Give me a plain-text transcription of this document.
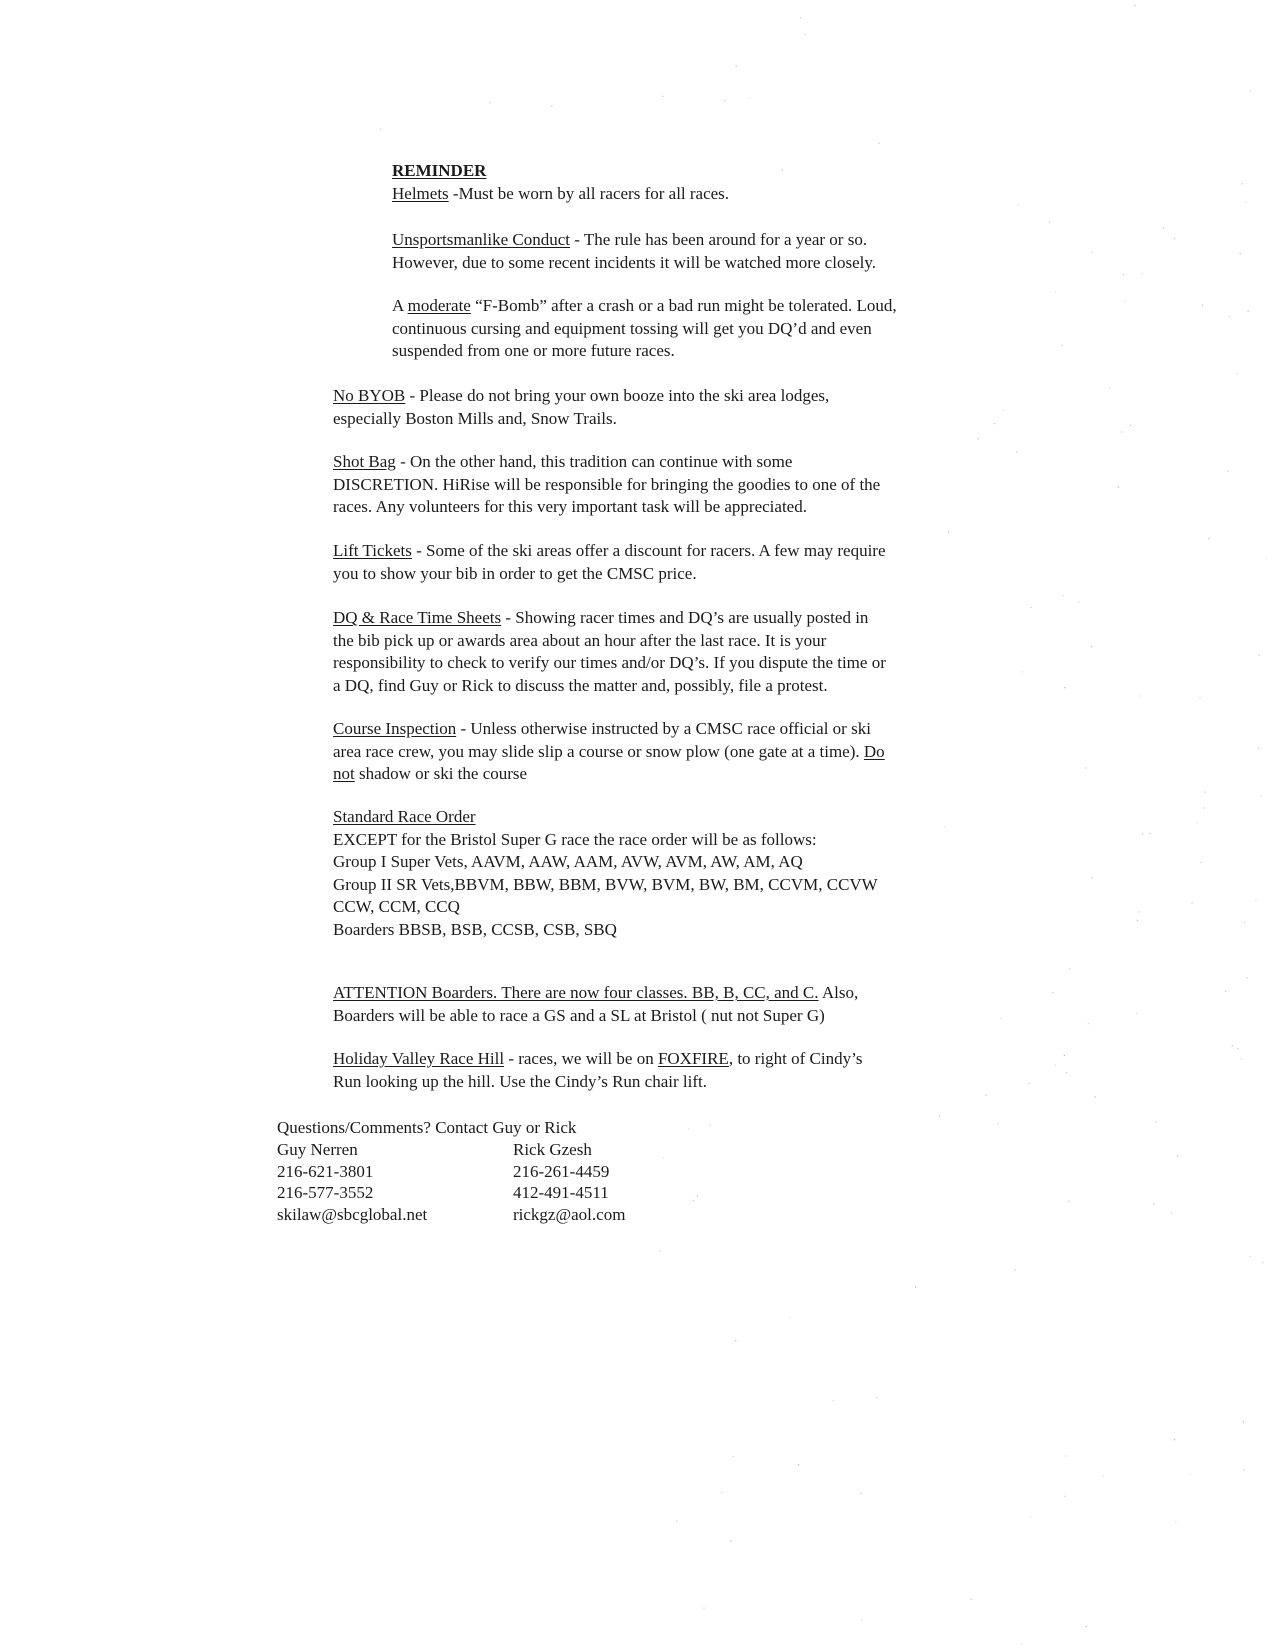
REMINDER

Helmets -Must be worn by all racers for all races.

Unsportsmanlike Conduct - The rule has been around for a year or so.

However, due to some recent incidents it will be watched more closely.

A moderate “F-Bomb” after a crash or a bad run might be tolerated. Loud,

continuous cursing and equipment tossing will get you DQ’d and even

suspended from one or more future races.

No BYOB - Please do not bring your own booze into the ski area lodges,

especially Boston Mills and, Snow Trails.

Shot Bag - On the other hand, this tradition can continue with some

DISCRETION. HiRise will be responsible for bringing the goodies to one of the

races. Any volunteers for this very important task will be appreciated.

Lift Tickets - Some of the ski areas offer a discount for racers. A few may require

you to show your bib in order to get the CMSC price.

DQ & Race Time Sheets - Showing racer times and DQ’s are usually posted in

the bib pick up or awards area about an hour after the last race. It is your

responsibility to check to verify our times and/or DQ’s. If you dispute the time or

a DQ, find Guy or Rick to discuss the matter and, possibly, file a protest.

Course Inspection - Unless otherwise instructed by a CMSC race official or ski

area race crew, you may slide slip a course or snow plow (one gate at a time). Do

not shadow or ski the course

Standard Race Order

EXCEPT for the Bristol Super G race the race order will be as follows:

Group I Super Vets, AAVM, AAW, AAM, AVW, AVM, AW, AM, AQ

Group II SR Vets,BBVM, BBW, BBM, BVW, BVM, BW, BM, CCVM, CCVW

CCW, CCM, CCQ

Boarders BBSB, BSB, CCSB, CSB, SBQ

ATTENTION Boarders. There are now four classes. BB, B, CC, and C. Also,

Boarders will be able to race a GS and a SL at Bristol ( nut not Super G)

Holiday Valley Race Hill - races, we will be on FOXFIRE, to right of Cindy’s

Run looking up the hill. Use the Cindy’s Run chair lift.

Questions/Comments? Contact Guy or Rick
Guy Nerren
216-621-3801
216-577-3552
skilaw@sbcglobal.net
Rick Gzesh
216-261-4459
412-491-4511
rickgz@aol.com
